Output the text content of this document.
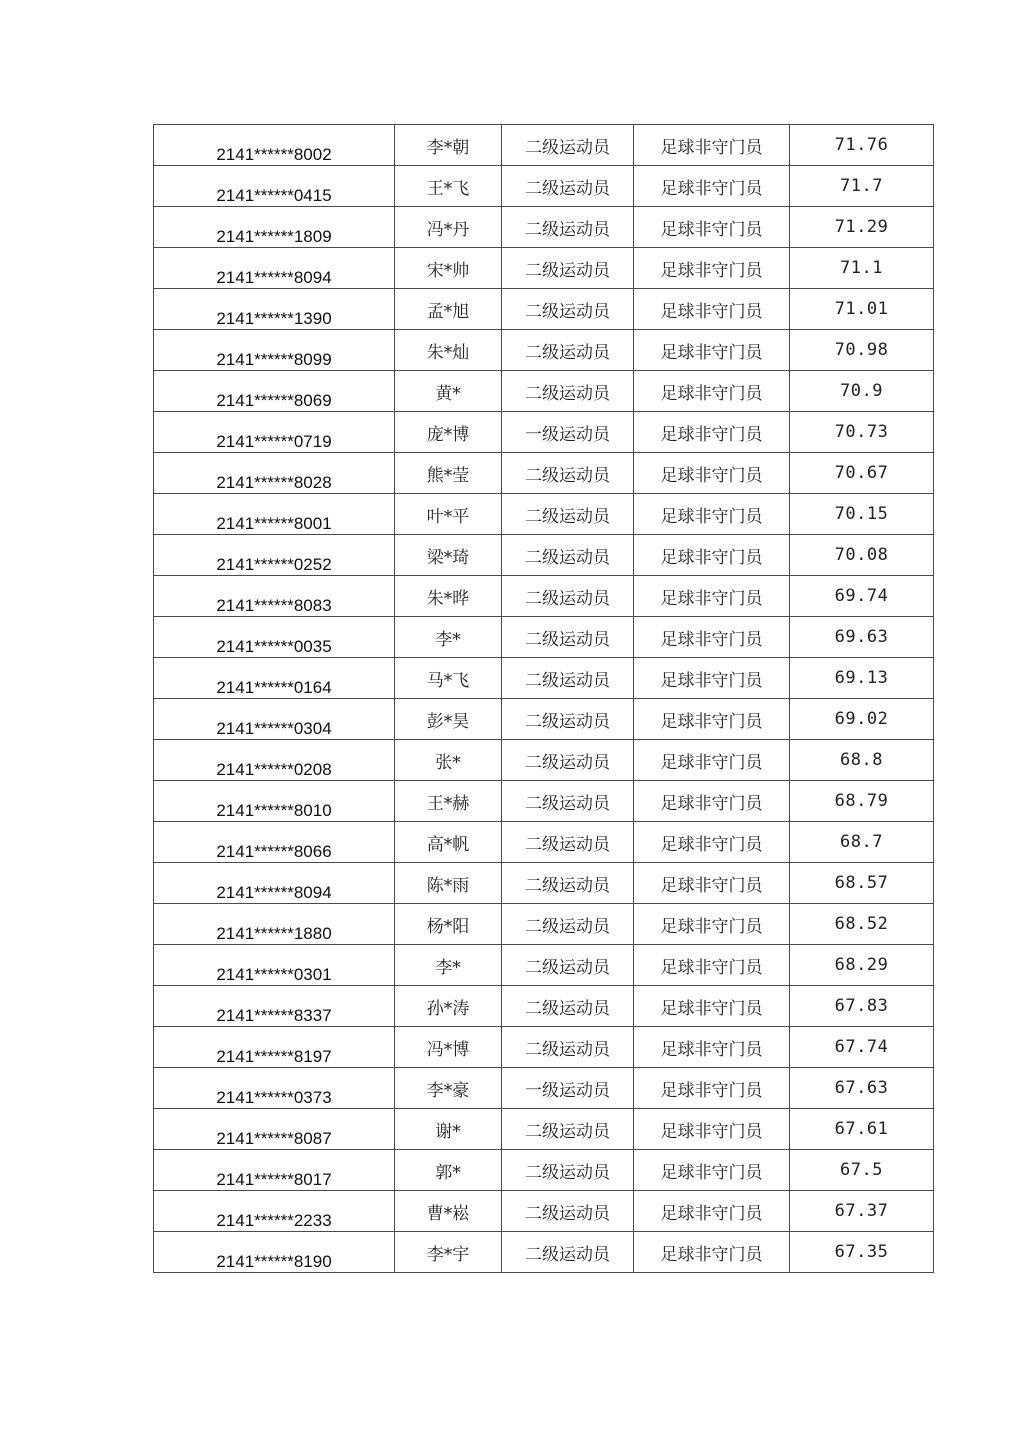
2141******8002	李*朝	二级运动员	足球非守门员	71.76
2141******0415	王*飞	二级运动员	足球非守门员	71.7
2141******1809	冯*丹	二级运动员	足球非守门员	71.29
2141******8094	宋*帅	二级运动员	足球非守门员	71.1
2141******1390	孟*旭	二级运动员	足球非守门员	71.01
2141******8099	朱*灿	二级运动员	足球非守门员	70.98
2141******8069	黄*	二级运动员	足球非守门员	70.9
2141******0719	庞*博	一级运动员	足球非守门员	70.73
2141******8028	熊*莹	二级运动员	足球非守门员	70.67
2141******8001	叶*平	二级运动员	足球非守门员	70.15
2141******0252	梁*琦	二级运动员	足球非守门员	70.08
2141******8083	朱*晔	二级运动员	足球非守门员	69.74
2141******0035	李*	二级运动员	足球非守门员	69.63
2141******0164	马*飞	二级运动员	足球非守门员	69.13
2141******0304	彭*昊	二级运动员	足球非守门员	69.02
2141******0208	张*	二级运动员	足球非守门员	68.8
2141******8010	王*赫	二级运动员	足球非守门员	68.79
2141******8066	高*帆	二级运动员	足球非守门员	68.7
2141******8094	陈*雨	二级运动员	足球非守门员	68.57
2141******1880	杨*阳	二级运动员	足球非守门员	68.52
2141******0301	李*	二级运动员	足球非守门员	68.29
2141******8337	孙*涛	二级运动员	足球非守门员	67.83
2141******8197	冯*博	二级运动员	足球非守门员	67.74
2141******0373	李*豪	一级运动员	足球非守门员	67.63
2141******8087	谢*	二级运动员	足球非守门员	67.61
2141******8017	郭*	二级运动员	足球非守门员	67.5
2141******2233	曹*崧	二级运动员	足球非守门员	67.37
2141******8190	李*宇	二级运动员	足球非守门员	67.35
